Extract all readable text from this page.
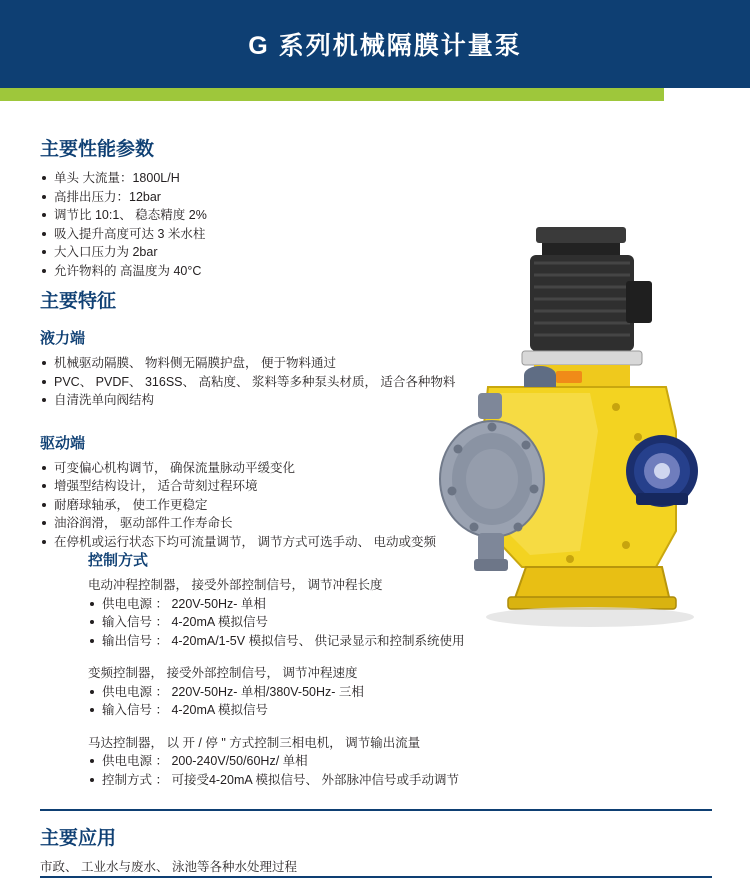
G 系列机械隔膜计量泵
主要性能参数
单头 大流量：1800L/H
高排出压力：12bar
调节比 10:1、 稳态精度 2%
吸入提升高度可达 3 米水柱
大入口压力为 2bar
允许物料的 高温度为 40°C
主要特征
液力端
机械驱动隔膜、 物料侧无隔膜护盘， 便于物料通过
PVC、 PVDF、 316SS、 高粘度、 浆料等多种泵头材质， 适合各种物料
自清洗单向阀结构
驱动端
可变偏心机构调节， 确保流量脉动平缓变化
增强型结构设计， 适合苛刻过程环境
耐磨球轴承， 使工作更稳定
油浴润滑， 驱动部件工作寿命长
在停机或运行状态下均可流量调节， 调节方式可选手动、 电动或变频
控制方式

电动冲程控制器， 接受外部控制信号， 调节冲程长度

供电电源 ： 220V-50Hz- 单相
输入信号 ： 4-20mA 模拟信号
输出信号 ： 4-20mA/1-5V 模拟信号、 供记录显示和控制系统使用

变频控制器， 接受外部控制信号， 调节冲程速度

供电电源 ： 220V-50Hz- 单相/380V-50Hz- 三相
输入信号 ： 4-20mA 模拟信号

马达控制器， 以 开 / 停 " 方式控制三相电机， 调节输出流量

供电电源 ： 200-240V/50/60Hz/ 单相
控制方式 ： 可接受4-20mA 模拟信号、 外部脉冲信号或手动调节
主要应用

市政、 工业水与废水、 泳池等各种水处理过程
